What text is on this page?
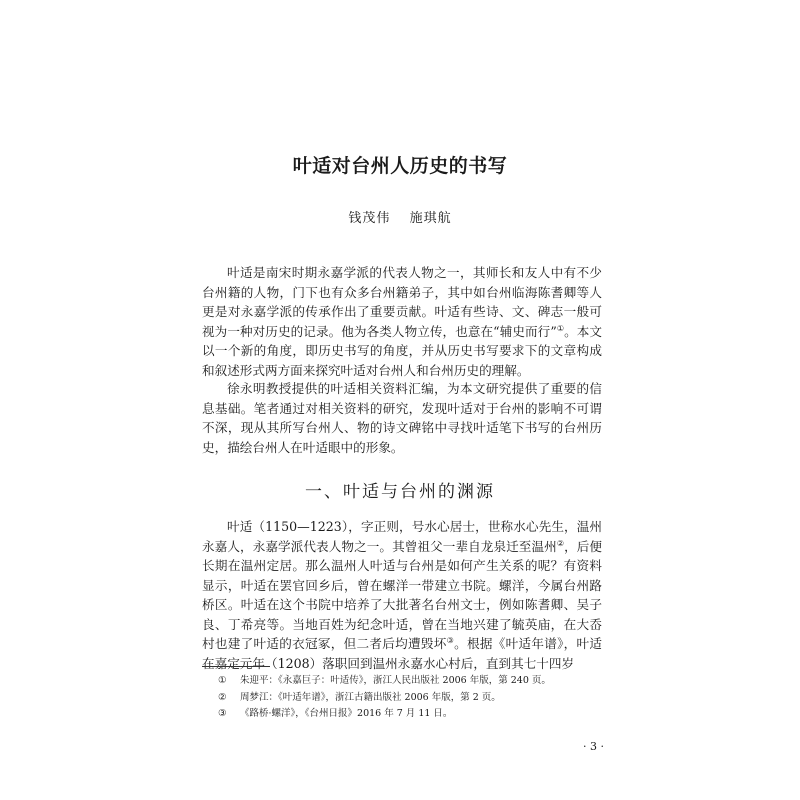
叶适对台州人历史的书写
钱茂伟 施琪航

叶适是南宋时期永嘉学派的代表人物之一，其师长和友人中有不少台州籍的人物，门下也有众多台州籍弟子，其中如台州临海陈耆卿等人更是对永嘉学派的传承作出了重要贡献。叶适有些诗、文、碑志一般可视为一种对历史的记录。他为各类人物立传，也意在“辅史而行”①。本文以一个新的角度，即历史书写的角度，并从历史书写要求下的文章构成和叙述形式两方面来探究叶适对台州人和台州历史的理解。

徐永明教授提供的叶适相关资料汇编，为本文研究提供了重要的信息基础。笔者通过对相关资料的研究，发现叶适对于台州的影响不可谓不深，现从其所写台州人、物的诗文碑铭中寻找叶适笔下书写的台州历史，描绘台州人在叶适眼中的形象。

一、叶适与台州的渊源

叶适（1150—1223），字正则，号水心居士，世称水心先生，温州永嘉人，永嘉学派代表人物之一。其曾祖父一辈自龙泉迁至温州②，后便长期在温州定居。那么温州人叶适与台州是如何产生关系的呢？有资料显示，叶适在罢官回乡后，曾在螺洋一带建立书院。螺洋，今属台州路桥区。叶适在这个书院中培养了大批著名台州文士，例如陈耆卿、吴子良、丁希亮等。当地百姓为纪念叶适，曾在当地兴建了毓英庙，在大岙村也建了叶适的衣冠冢，但二者后均遭毁坏③。根据《叶适年谱》，叶适在嘉定元年（1208）落职回到温州永嘉水心村后，直到其七十四岁

① 朱迎平：《永嘉巨子：叶适传》，浙江人民出版社 2006 年版，第 240 页。
② 周梦江：《叶适年谱》，浙江古籍出版社 2006 年版，第 2 页。
③ 《路桥·螺洋》，《台州日报》2016 年 7 月 11 日。
· 3 ·
